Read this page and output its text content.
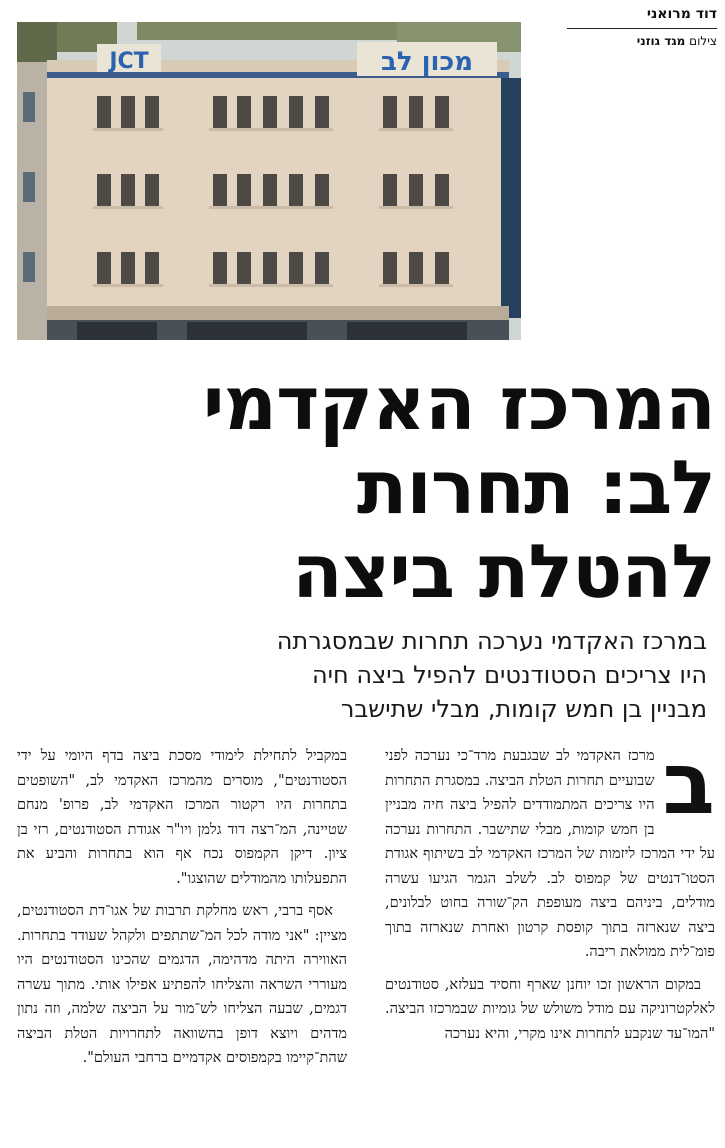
דוד מרואני
צילום מגד גוזני
JCT	מכון לב
המרכז האקדמי
לב: תחרות
להטלת ביצה
במרכז האקדמי נערכה תחרות שבמסגרתה
היו צריכים הסטודנטים להפיל ביצה חיה
מבניין בן חמש קומות, מבלי שתישבר
ב

מרכז האקדמי לב שבגבעת מרד־כי נערכה לפני שבועיים תחרות הטלת הביצה. במסגרת התחרות היו צריכים המתמודדים להפיל ביצה חיה מבניין בן חמש קומות, מבלי שתישבר. התחרות נערכה על ידי המרכז ליזמות של המרכז האקדמי לב בשיתוף אגודת הסטו־דנטים של קמפוס לב. לשלב הגמר הגיעו עשרה מודלים, ביניהם ביצה מעופפת הק־שורה בחוט לבלונים, ביצה שנארזה בתוך קופסת קרטון ואחרת שנארזה בתוך פומ־לית ממולאת ריבה.

במקום הראשון זכו יוחנן שארף וחסיד בעלזא, סטודנטים לאלקטרוניקה עם מודל משולש של גומיות שבמרכזו הביצה. "המו־עד שנקבע לתחרות אינו מקרי, והיא נערכה

במקביל לתחילת לימודי מסכת ביצה בדף היומי על ידי הסטודנטים", מוסרים מהמרכז האקדמי לב, "השופטים בתחרות היו רקטור המרכז האקדמי לב, פרופ' מנחם שטיינה, המ־רצה דוד גלמן ויו"ר אגודת הסטודנטים, רזי בן ציון. דיקן הקמפוס נכח אף הוא בתחרות והביע את התפעלותו מהמודלים שהוצגו".

אסף ברבי, ראש מחלקת תרבות של אגו־דת הסטודנטים, מציין: "אני מודה לכל המ־שתתפים ולקהל שעודד בתחרות. האווירה היתה מדהימה, הדגמים שהכינו הסטודנטים היו מעוררי השראה והצליחו להפתיע אפילו אותי. מתוך עשרה דגמים, שבעה הצליחו לש־מור על הביצה שלמה, וזה נתון מדהים ויוצא דופן בהשוואה לתחרויות הטלת הביצה שהת־קיימו בקמפוסים אקדמיים ברחבי העולם".
